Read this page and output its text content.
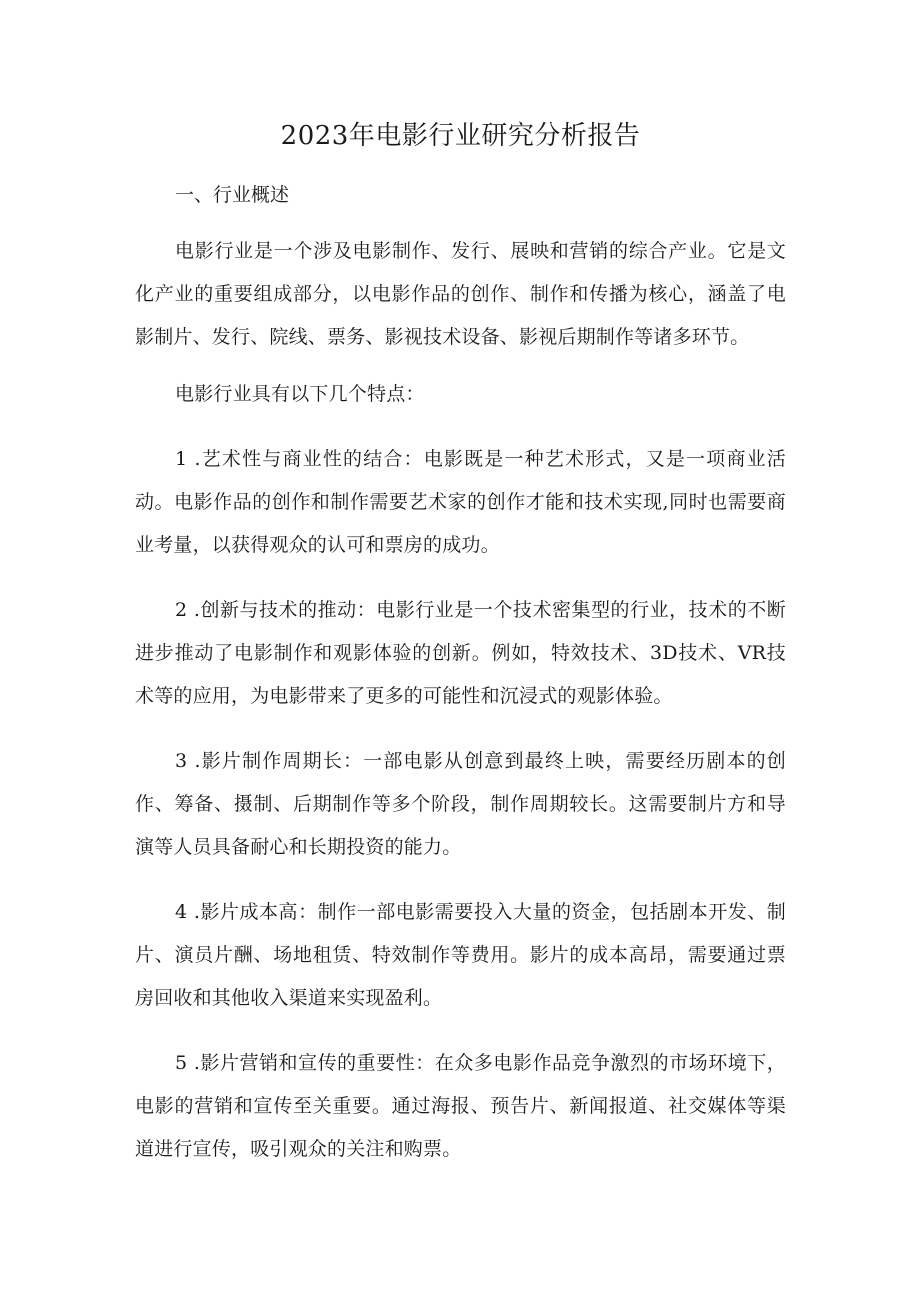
2023年电影行业研究分析报告
一、行业概述

电影行业是一个涉及电影制作、发行、展映和营销的综合产业。它是文化产业的重要组成部分，以电影作品的创作、制作和传播为核心，涵盖了电影制片、发行、院线、票务、影视技术设备、影视后期制作等诸多环节。

电影行业具有以下几个特点：

1 .艺术性与商业性的结合：电影既是一种艺术形式，又是一项商业活动。电影作品的创作和制作需要艺术家的创作才能和技术实现,同时也需要商业考量，以获得观众的认可和票房的成功。

2 .创新与技术的推动：电影行业是一个技术密集型的行业，技术的不断进步推动了电影制作和观影体验的创新。例如，特效技术、3D技术、VR技术等的应用，为电影带来了更多的可能性和沉浸式的观影体验。

3 .影片制作周期长：一部电影从创意到最终上映，需要经历剧本的创作、筹备、摄制、后期制作等多个阶段，制作周期较长。这需要制片方和导演等人员具备耐心和长期投资的能力。

4 .影片成本高：制作一部电影需要投入大量的资金，包括剧本开发、制片、演员片酬、场地租赁、特效制作等费用。影片的成本高昂，需要通过票房回收和其他收入渠道来实现盈利。

5 .影片营销和宣传的重要性：在众多电影作品竞争激烈的市场环境下，电影的营销和宣传至关重要。通过海报、预告片、新闻报道、社交媒体等渠道进行宣传，吸引观众的关注和购票。
